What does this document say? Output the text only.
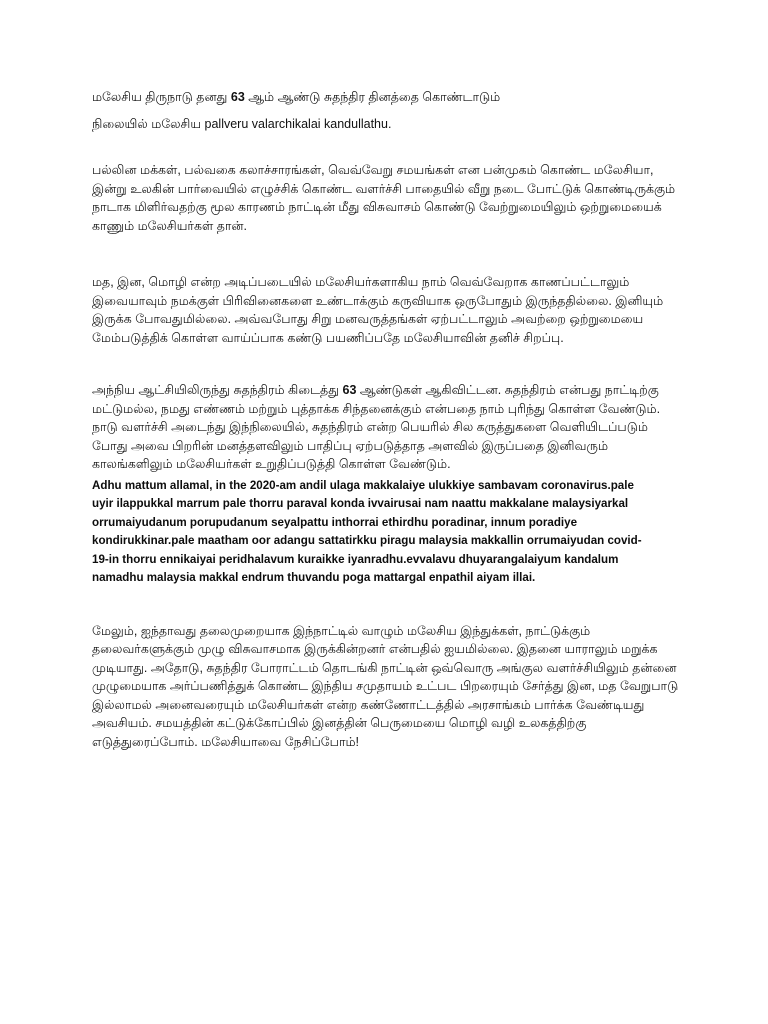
மலேசிய திருநாடு தனது 63 ஆம் ஆண்டு சுதந்திர தினத்தை கொண்டாடும்
நிலையில் மலேசிய pallveru valarchikalai kandullathu.
பல்லின மக்கள், பல்வகை கலாச்சாரங்கள், வெவ்வேறு சமயங்கள் என பன்முகம் கொண்ட மலேசியா,
இன்று உலகின் பார்வையில் எழுச்சிக் கொண்ட வளர்ச்சி பாதையில் வீறு நடை போட்டுக் கொண்டிருக்கும்
நாடாக மிளிர்வதற்கு மூல காரணம் நாட்டின் மீது விசுவாசம் கொண்டு வேற்றுமையிலும் ஒற்றுமையைக்
காணும் மலேசியர்கள் தான்.
மத, இன, மொழி என்ற அடிப்படையில் மலேசியர்களாகிய நாம் வெவ்வேறாக காணப்பட்டாலும்
இவையாவும் நமக்குள் பிரிவினைகளை உண்டாக்கும் கருவியாக ஒருபோதும் இருந்ததில்லை. இனியும்
இருக்க போவதுமில்லை. அவ்வபோது சிறு மனவருத்தங்கள் ஏற்பட்டாலும் அவற்றை ஒற்றுமையை
மேம்படுத்திக் கொள்ள வாய்ப்பாக கண்டு பயணிப்பதே மலேசியாவின் தனிச் சிறப்பு.
அந்நிய ஆட்சியிலிருந்து சுதந்திரம் கிடைத்து 63 ஆண்டுகள் ஆகிவிட்டன. சுதந்திரம் என்பது நாட்டிற்கு
மட்டுமல்ல, நமது எண்ணம் மற்றும் புத்தாக்க சிந்தனைக்கும் என்பதை நாம் புரிந்து கொள்ள வேண்டும்.
நாடு வளர்ச்சி அடைந்து இந்நிலையில், சுதந்திரம் என்ற பெயரில் சில கருத்துகளை வெளியிடப்படும்
போது அவை பிறரின் மனத்தளவிலும் பாதிப்பு ஏற்படுத்தாத அளவில் இருப்பதை இனிவரும்
காலங்களிலும் மலேசியர்கள் உறுதிப்படுத்தி கொள்ள வேண்டும்.
Adhu mattum allamal, in the 2020-am andil ulaga makkalaiye ulukkiye sambavam coronavirus.pale
uyir ilappukkal marrum pale thorru paraval konda ivvairusai nam naattu makkalane malaysiyarkal
orrumaiyudanum porupudanum seyalpattu inthorrai ethirdhu poradinar, innum poradiye
kondirukkinar.pale maatham oor adangu sattatirkku piragu malaysia makkallin orrumaiyudan covid-
19-in thorru ennikaiyai peridhalavum kuraikke iyanradhu.evvalavu dhuyarangalaiyum kandalum
namadhu malaysia makkal endrum thuvandu poga mattargal enpathil aiyam illai.
மேலும், ஐந்தாவது தலைமுறையாக இந்நாட்டில் வாழும் மலேசிய இந்துக்கள், நாட்டுக்கும்
தலைவர்களுக்கும் முழு விசுவாசமாக இருக்கின்றனர் என்பதில் ஐயமில்லை. இதனை யாராலும் மறுக்க
முடியாது. அதோடு, சுதந்திர போராட்டம் தொடங்கி நாட்டின் ஒவ்வொரு அங்குல வளர்ச்சியிலும் தன்னை
முழுமையாக அர்ப்பணித்துக் கொண்ட இந்திய சமுதாயம் உட்பட பிறரையும் சேர்த்து இன, மத வேறுபாடு
இல்லாமல் அனைவரையும் மலேசியர்கள் என்ற கண்ணோட்டத்தில் அரசாங்கம் பார்க்க வேண்டியது
அவசியம். சமயத்தின் கட்டுக்கோப்பில் இனத்தின் பெருமையை மொழி வழி உலகத்திற்கு
எடுத்துரைப்போம். மலேசியாவை நேசிப்போம்!
